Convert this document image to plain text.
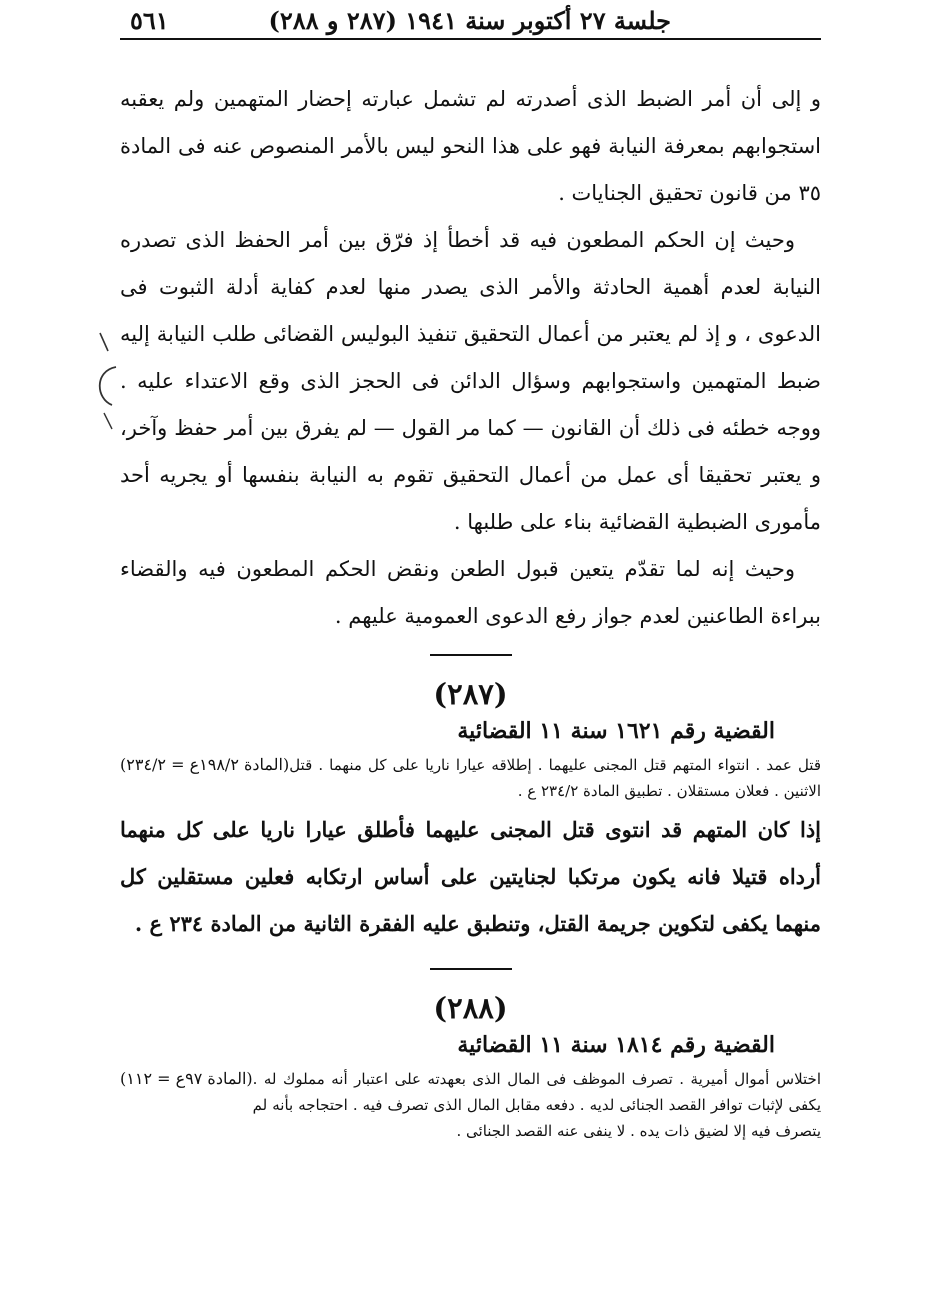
جلسة ٢٧ أكتوبر سنة ١٩٤١ (٢٨٧ و ٢٨٨)
٥٦١

و إلى أن أمر الضبط الذى أصدرته لم تشمل عبارته إحضار المتهمين ولم يعقبه استجوابهم بمعرفة النيابة فهو على هذا النحو ليس بالأمر المنصوص عنه فى المادة ٣٥ من قانون تحقيق الجنايات .

وحيث إن الحكم المطعون فيه قد أخطأ إذ فرّق بين أمر الحفظ الذى تصدره النيابة لعدم أهمية الحادثة والأمر الذى يصدر منها لعدم كفاية أدلة الثبوت فى الدعوى ، و إذ لم يعتبر من أعمال التحقيق تنفيذ البوليس القضائى طلب النيابة إليه ضبط المتهمين واستجوابهم وسؤال الدائن فى الحجز الذى وقع الاعتداء عليه . ووجه خطئه فى ذلك أن القانون — كما مر القول — لم يفرق بين أمر حفظ وآخر، و يعتبر تحقيقا أى عمل من أعمال التحقيق تقوم به النيابة بنفسها أو يجريه أحد مأمورى الضبطية القضائية بناء على طلبها .

وحيث إنه لما تقدّم يتعين قبول الطعن ونقض الحكم المطعون فيه والقضاء ببراءة الطاعنين لعدم جواز رفع الدعوى العمومية عليهم .

(٢٨٧)
القضية رقم ١٦٢١ سنة ١١ القضائية
قتل عمد . انتواء المتهم قتل المجنى عليهما . إطلاقه عيارا ناريا على كل منهما . قتل الاثنين . فعلان مستقلان . تطبيق المادة ٢٣٤/٢ ع .
(المادة ١٩٨/٢ع = ٢٣٤/٢)

إذا كان المتهم قد انتوى قتل المجنى عليهما فأطلق عيارا ناريا على كل منهما أرداه قتيلا فانه يكون مرتكبا لجنايتين على أساس ارتكابه فعلين مستقلين كل منهما يكفى لتكوين جريمة القتل، وتنطبق عليه الفقرة الثانية من المادة ٢٣٤ ع .

(٢٨٨)
القضية رقم ١٨١٤ سنة ١١ القضائية
اختلاس أموال أميرية . تصرف الموظف فى المال الذى بعهدته على اعتبار أنه مملوك له . يكفى لإثبات توافر القصد الجنائى لديه . دفعه مقابل المال الذى تصرف فيه . احتجاجه بأنه لم يتصرف فيه إلا لضيق ذات يده . لا ينفى عنه القصد الجنائى .
(المادة ٩٧ع = ١١٢)
